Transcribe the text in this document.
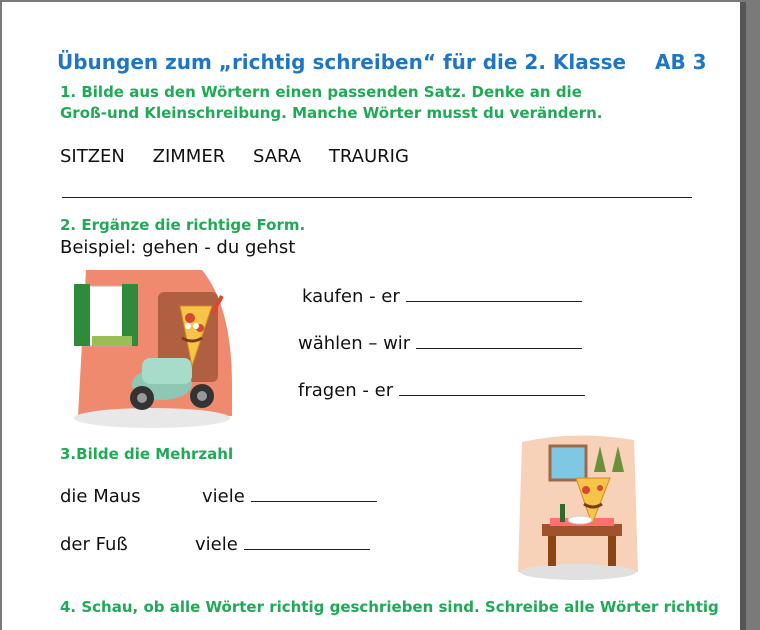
Übungen zum „richtig schreiben“ für die 2. Klasse AB 3
1. Bilde aus den Wörtern einen passenden Satz. Denke an die
Groß-und Kleinschreibung. Manche Wörter musst du verändern.
SITZEN ZIMMER SARA TRAURIG
2. Ergänze die richtige Form.
Beispiel: gehen - du gehst
kaufen - er
wählen – wir
fragen - er
3.Bilde die Mehrzahl
die Maus	viele
der Fuß	viele
4. Schau, ob alle Wörter richtig geschrieben sind. Schreibe alle Wörter richtig
